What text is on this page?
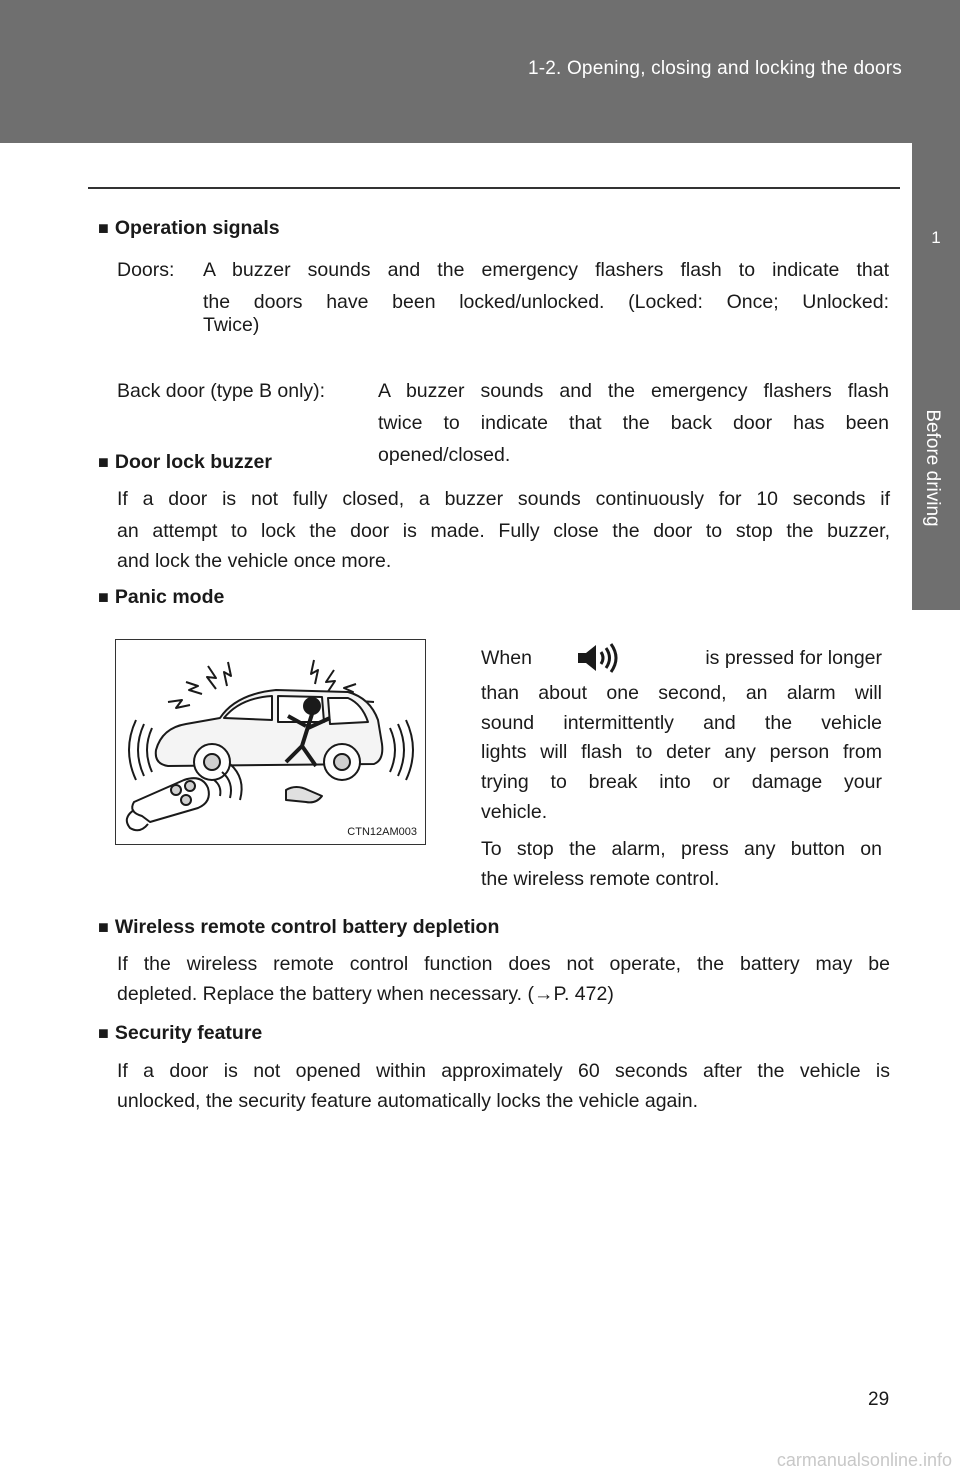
1-2. Opening, closing and locking the doors
1
Before driving
■ Operation signals
Doors: A buzzer sounds and the emergency flashers flash to indicate that
the doors have been locked/unlocked. (Locked: Once; Unlocked:
Twice)
Back door (type B only):	A buzzer sounds and the emergency flashers flash
twice to indicate that the back door has been
opened/closed.
■ Door lock buzzer
If a door is not fully closed, a buzzer sounds continuously for 10 seconds if
an attempt to lock the door is made. Fully close the door to stop the buzzer,
and lock the vehicle once more.
■ Panic mode
CTN12AM003
When	is pressed for longer
than about one second, an alarm will
sound intermittently and the vehicle
lights will flash to deter any person from
trying to break into or damage your
vehicle.
To stop the alarm, press any button on
the wireless remote control.
■ Wireless remote control battery depletion
If the wireless remote control function does not operate, the battery may be
depleted. Replace the battery when necessary. (→P. 472)
■ Security feature
If a door is not opened within approximately 60 seconds after the vehicle is
unlocked, the security feature automatically locks the vehicle again.
29
carmanualsonline.info
